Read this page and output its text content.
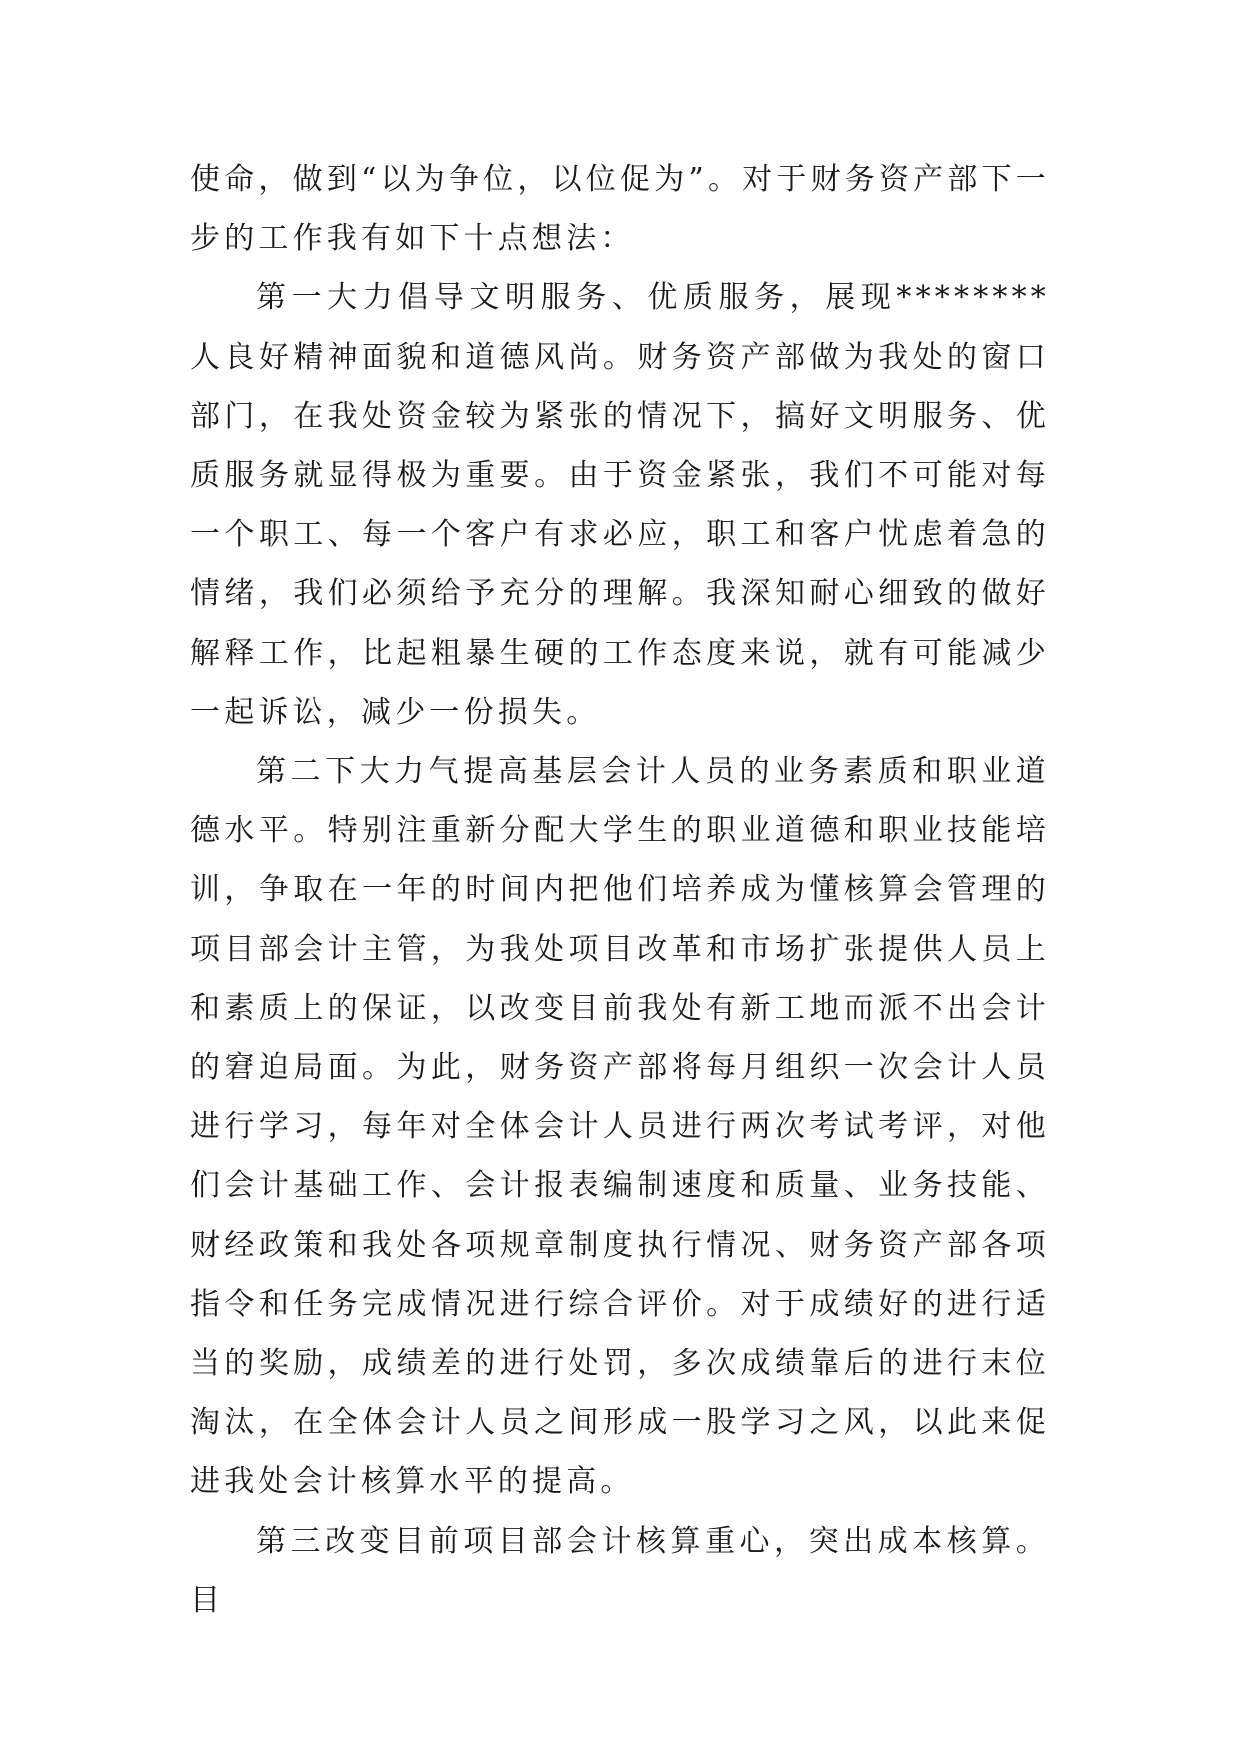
使命，做到“以为争位，以位促为”。对于财务资产部下一步的工作我有如下十点想法：

第一大力倡导文明服务、优质服务，展现********人良好精神面貌和道德风尚。财务资产部做为我处的窗口部门，在我处资金较为紧张的情况下，搞好文明服务、优质服务就显得极为重要。由于资金紧张，我们不可能对每一个职工、每一个客户有求必应，职工和客户忧虑着急的情绪，我们必须给予充分的理解。我深知耐心细致的做好解释工作，比起粗暴生硬的工作态度来说，就有可能减少一起诉讼，减少一份损失。

第二下大力气提高基层会计人员的业务素质和职业道德水平。特别注重新分配大学生的职业道德和职业技能培训，争取在一年的时间内把他们培养成为懂核算会管理的项目部会计主管，为我处项目改革和市场扩张提供人员上和素质上的保证，以改变目前我处有新工地而派不出会计的窘迫局面。为此，财务资产部将每月组织一次会计人员进行学习，每年对全体会计人员进行两次考试考评，对他们会计基础工作、会计报表编制速度和质量、业务技能、财经政策和我处各项规章制度执行情况、财务资产部各项指令和任务完成情况进行综合评价。对于成绩好的进行适当的奖励，成绩差的进行处罚，多次成绩靠后的进行末位淘汰，在全体会计人员之间形成一股学习之风，以此来促进我处会计核算水平的提高。

第三改变目前项目部会计核算重心，突出成本核算。目
